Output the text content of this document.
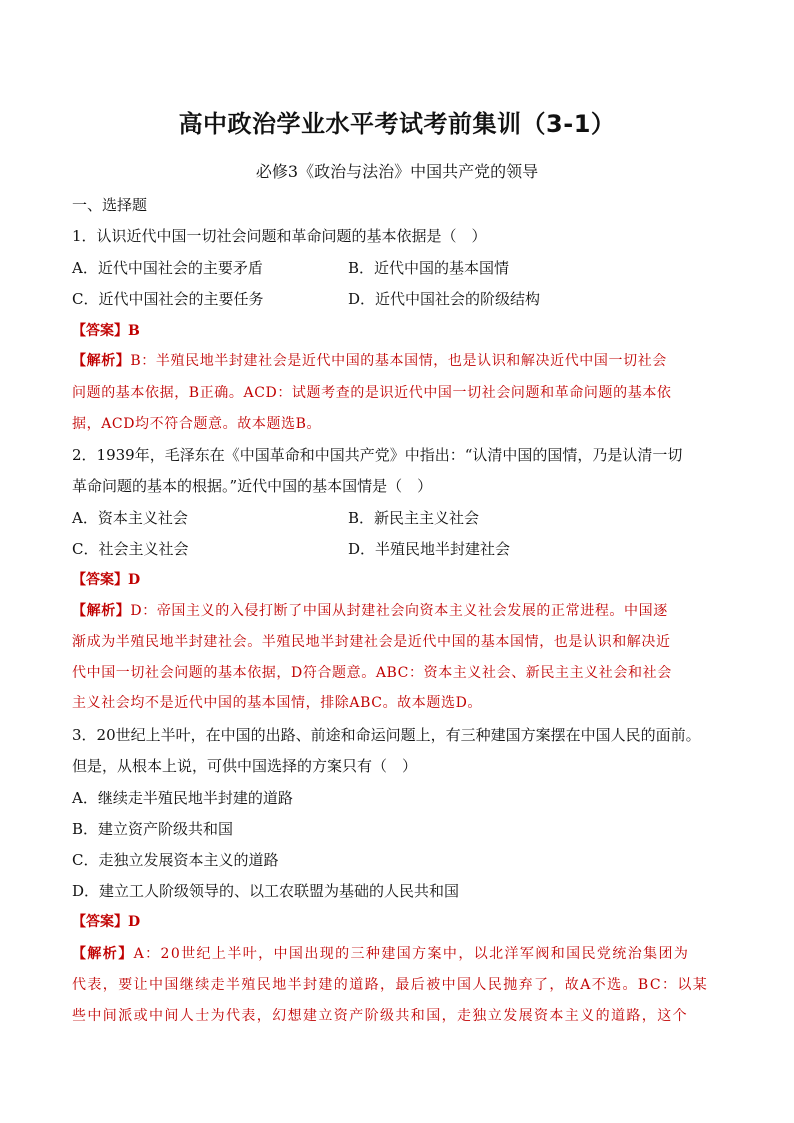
高中政治学业水平考试考前集训（3-1）
必修3《政治与法治》中国共产党的领导
一、选择题
1．认识近代中国一切社会问题和革命问题的基本依据是（　）
A．近代中国社会的主要矛盾	B．近代中国的基本国情
C．近代中国社会的主要任务	D．近代中国社会的阶级结构
【答案】B
【解析】B：半殖民地半封建社会是近代中国的基本国情，也是认识和解决近代中国一切社会
问题的基本依据，B正确。ACD：试题考查的是识近代中国一切社会问题和革命问题的基本依
据，ACD均不符合题意。故本题选B。
2．1939年，毛泽东在《中国革命和中国共产党》中指出：“认清中国的国情，乃是认清一切
革命问题的基本的根据。”近代中国的基本国情是（　）
A．资本主义社会	B．新民主主义社会
C．社会主义社会	D．半殖民地半封建社会
【答案】D
【解析】D：帝国主义的入侵打断了中国从封建社会向资本主义社会发展的正常进程。中国逐
渐成为半殖民地半封建社会。半殖民地半封建社会是近代中国的基本国情，也是认识和解决近
代中国一切社会问题的基本依据，D符合题意。ABC：资本主义社会、新民主主义社会和社会
主义社会均不是近代中国的基本国情，排除ABC。故本题选D。
3．20世纪上半叶，在中国的出路、前途和命运问题上，有三种建国方案摆在中国人民的面前。
但是，从根本上说，可供中国选择的方案只有（　）
A．继续走半殖民地半封建的道路
B．建立资产阶级共和国
C．走独立发展资本主义的道路
D．建立工人阶级领导的、以工农联盟为基础的人民共和国
【答案】D
【解析】A：20世纪上半叶，中国出现的三种建国方案中，以北洋军阀和国民党统治集团为
代表，要让中国继续走半殖民地半封建的道路，最后被中国人民抛弃了，故A不选。BC：以某
些中间派或中间人士为代表，幻想建立资产阶级共和国，走独立发展资本主义的道路，这个
